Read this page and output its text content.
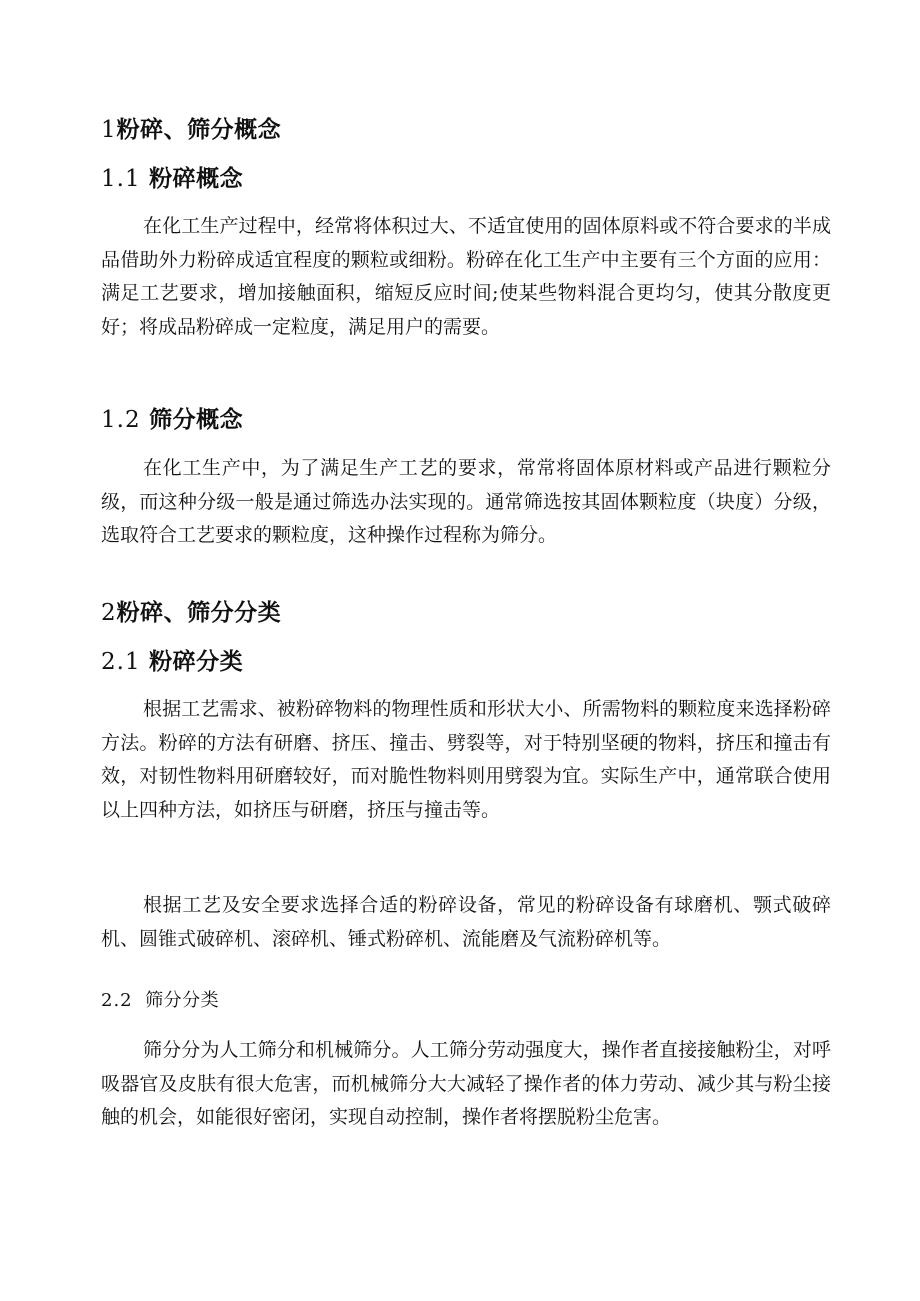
1粉碎、筛分概念
1.1 粉碎概念

在化工生产过程中，经常将体积过大、不适宜使用的固体原料或不符合要求的半成品借助外力粉碎成适宜程度的颗粒或细粉。粉碎在化工生产中主要有三个方面的应用：满足工艺要求，增加接触面积，缩短反应时间;使某些物料混合更均匀，使其分散度更好；将成品粉碎成一定粒度，满足用户的需要。

1.2 筛分概念

在化工生产中，为了满足生产工艺的要求，常常将固体原材料或产品进行颗粒分级，而这种分级一般是通过筛选办法实现的。通常筛选按其固体颗粒度（块度）分级，选取符合工艺要求的颗粒度，这种操作过程称为筛分。

2粉碎、筛分分类
2.1 粉碎分类

根据工艺需求、被粉碎物料的物理性质和形状大小、所需物料的颗粒度来选择粉碎方法。粉碎的方法有研磨、挤压、撞击、劈裂等，对于特别坚硬的物料，挤压和撞击有效，对韧性物料用研磨较好，而对脆性物料则用劈裂为宜。实际生产中，通常联合使用以上四种方法，如挤压与研磨，挤压与撞击等。

根据工艺及安全要求选择合适的粉碎设备，常见的粉碎设备有球磨机、颚式破碎机、圆锥式破碎机、滚碎机、锤式粉碎机、流能磨及气流粉碎机等。

2.2 筛分分类

筛分分为人工筛分和机械筛分。人工筛分劳动强度大，操作者直接接触粉尘，对呼吸器官及皮肤有很大危害，而机械筛分大大减轻了操作者的体力劳动、减少其与粉尘接触的机会，如能很好密闭，实现自动控制，操作者将摆脱粉尘危害。
